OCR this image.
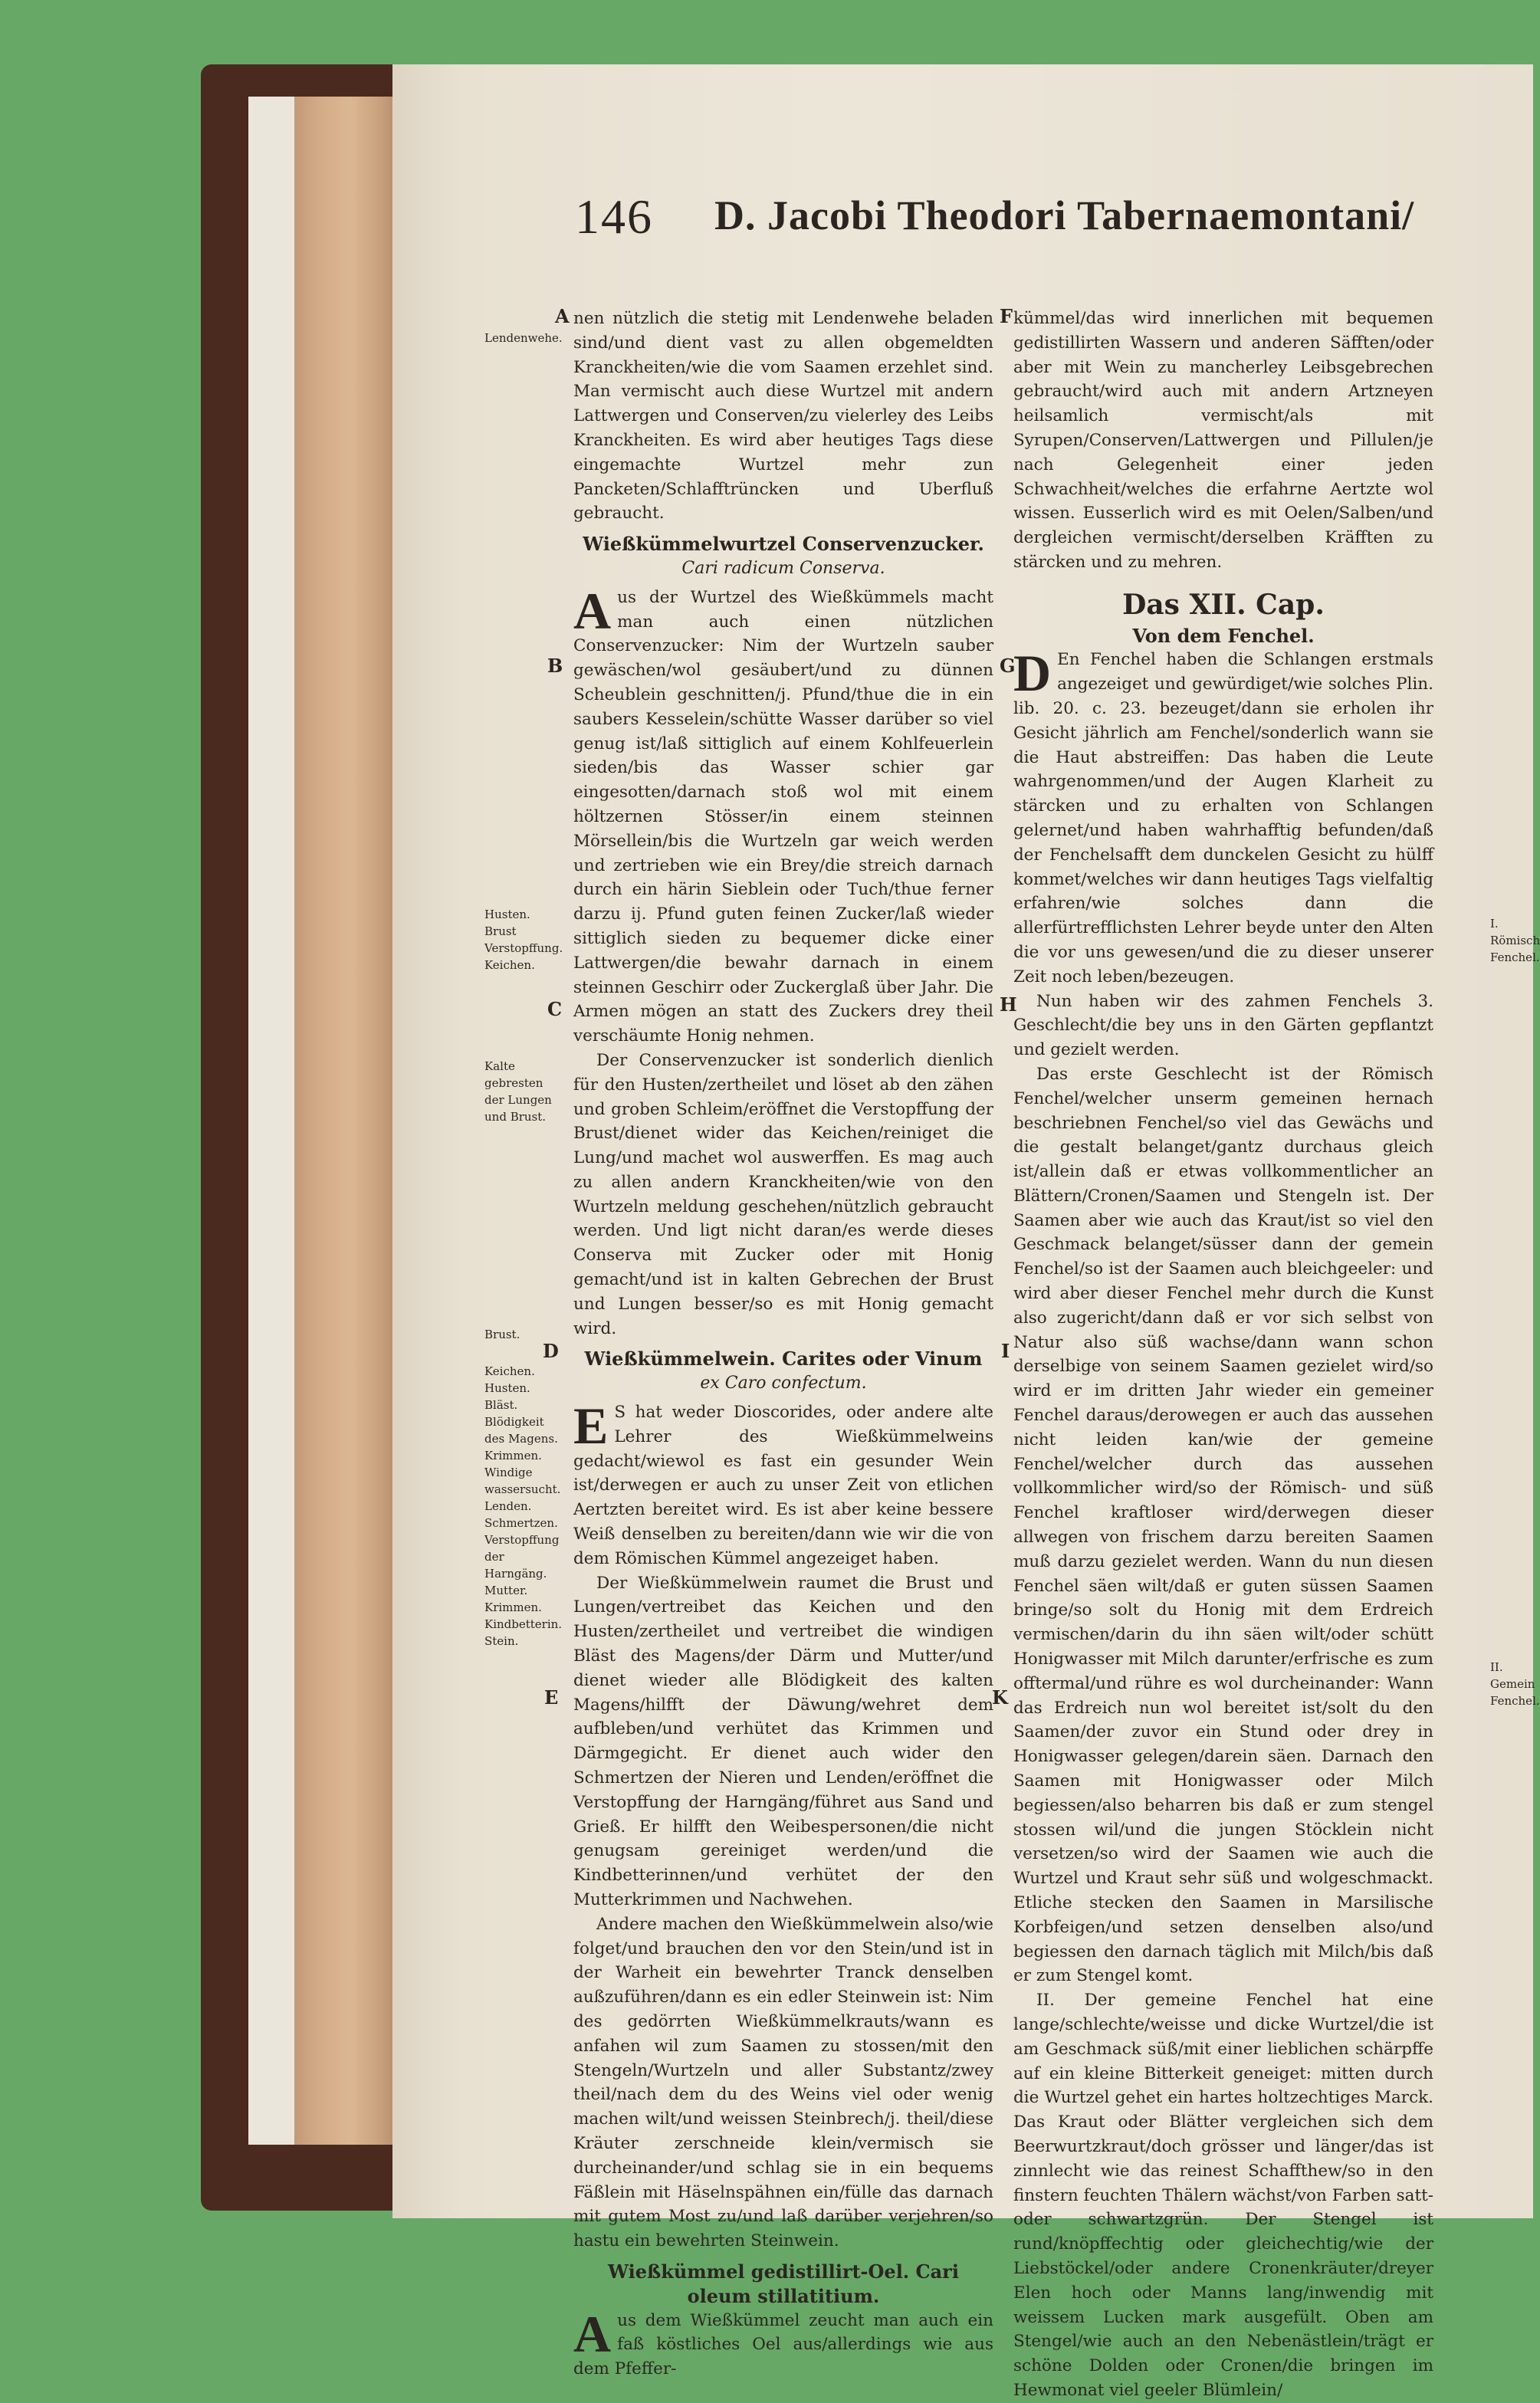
146 D. Jacobi Theodori Tabernaemontani/
A
B
C
D
E
F
G
H
I
K
Lendenwehe.
Husten. Brust Verstopffung. Keichen.
Kalte gebresten der Lungen und Brust.
Brust.
Keichen. Husten. Bläst. Blödigkeit des Magens. Krimmen. Windige wassersucht. Lenden. Schmertzen. Verstopffung der Harngäng. Mutter. Krimmen. Kindbetterin. Stein.
I. Römisch Fenchel.
II. Gemein Fenchel.

nen nützlich die stetig mit Lendenwehe beladen sind/und dient vast zu allen obgemeldten Kranckheiten/wie die vom Saamen erzehlet sind. Man vermischt auch diese Wurtzel mit andern Lattwergen und Conserven/zu vielerley des Leibs Kranckheiten. Es wird aber heutiges Tags diese eingemachte Wurtzel mehr zun Pancketen/Schlafftrüncken und Uberfluß gebraucht.

Wießkümmelwurtzel Conservenzucker.
Cari radicum Conserva.

Aus der Wurtzel des Wießkümmels macht man auch einen nützlichen Conservenzucker: Nim der Wurtzeln sauber gewäschen/wol gesäubert/und zu dünnen Scheublein geschnitten/j. Pfund/thue die in ein saubers Kesselein/schütte Wasser darüber so viel genug ist/laß sittiglich auf einem Kohlfeuerlein sieden/bis das Wasser schier gar eingesotten/darnach stoß wol mit einem höltzernen Stösser/in einem steinnen Mörsellein/bis die Wurtzeln gar weich werden und zertrieben wie ein Brey/die streich darnach durch ein härin Sieblein oder Tuch/thue ferner darzu ij. Pfund guten feinen Zucker/laß wieder sittiglich sieden zu bequemer dicke einer Lattwergen/die bewahr darnach in einem steinnen Geschirr oder Zuckerglaß über Jahr. Die Armen mögen an statt des Zuckers drey theil verschäumte Honig nehmen.

Der Conservenzucker ist sonderlich dienlich für den Husten/zertheilet und löset ab den zähen und groben Schleim/eröffnet die Verstopffung der Brust/dienet wider das Keichen/reiniget die Lung/und machet wol auswerffen. Es mag auch zu allen andern Kranckheiten/wie von den Wurtzeln meldung geschehen/nützlich gebraucht werden. Und ligt nicht daran/es werde dieses Conserva mit Zucker oder mit Honig gemacht/und ist in kalten Gebrechen der Brust und Lungen besser/so es mit Honig gemacht wird.

Wießkümmelwein. Carites oder Vinum
ex Caro confectum.

E S hat weder Dioscorides, oder andere alte Lehrer des Wießkümmelweins gedacht/wiewol es fast ein gesunder Wein ist/derwegen er auch zu unser Zeit von etlichen Aertzten bereitet wird. Es ist aber keine bessere Weiß denselben zu bereiten/dann wie wir die von dem Römischen Kümmel angezeiget haben.

Der Wießkümmelwein raumet die Brust und Lungen/vertreibet das Keichen und den Husten/zertheilet und vertreibet die windigen Bläst des Magens/der Därm und Mutter/und dienet wieder alle Blödigkeit des kalten Magens/hilfft der Däwung/wehret dem aufbleben/und verhütet das Krimmen und Därmgegicht. Er dienet auch wider den Schmertzen der Nieren und Lenden/eröffnet die Verstopffung der Harngäng/führet aus Sand und Grieß. Er hilfft den Weibespersonen/die nicht genugsam gereiniget werden/und die Kindbetterinnen/und verhütet der den Mutterkrimmen und Nachwehen.

Andere machen den Wießkümmelwein also/wie folget/und brauchen den vor den Stein/und ist in der Warheit ein bewehrter Tranck denselben außzuführen/dann es ein edler Steinwein ist: Nim des gedörrten Wießkümmelkrauts/wann es anfahen wil zum Saamen zu stossen/mit den Stengeln/Wurtzeln und aller Substantz/zwey theil/nach dem du des Weins viel oder wenig machen wilt/und weissen Steinbrech/j. theil/diese Kräuter zerschneide klein/vermisch sie durcheinander/und schlag sie in ein bequems Fäßlein mit Häselnspähnen ein/fülle das darnach mit gutem Most zu/und laß darüber verjehren/so hastu ein bewehrten Steinwein.

Wießkümmel gedistillirt-Oel. Cari oleum stillatitium.

Aus dem Wießkümmel zeucht man auch ein faß köstliches Oel aus/allerdings wie aus dem Pfeffer-

kümmel/das wird innerlichen mit bequemen gedistillirten Wassern und anderen Säfften/oder aber mit Wein zu mancherley Leibsgebrechen gebraucht/wird auch mit andern Artzneyen heilsamlich vermischt/als mit Syrupen/Conserven/Lattwergen und Pillulen/je nach Gelegenheit einer jeden Schwachheit/welches die erfahrne Aertzte wol wissen. Eusserlich wird es mit Oelen/Salben/und dergleichen vermischt/derselben Kräfften zu stärcken und zu mehren.

Das XII. Cap.
Von dem Fenchel.

D En Fenchel haben die Schlangen erstmals angezeiget und gewürdiget/wie solches Plin. lib. 20. c. 23. bezeuget/dann sie erholen ihr Gesicht jährlich am Fenchel/sonderlich wann sie die Haut abstreiffen: Das haben die Leute wahrgenommen/und der Augen Klarheit zu stärcken und zu erhalten von Schlangen gelernet/und haben wahrhafftig befunden/daß der Fenchelsafft dem dunckelen Gesicht zu hülff kommet/welches wir dann heutiges Tags vielfaltig erfahren/wie solches dann die allerfürtrefflichsten Lehrer beyde unter den Alten die vor uns gewesen/und die zu dieser unserer Zeit noch leben/bezeugen.

Nun haben wir des zahmen Fenchels 3. Geschlecht/die bey uns in den Gärten gepflantzt und gezielt werden.

Das erste Geschlecht ist der Römisch Fenchel/welcher unserm gemeinen hernach beschriebnen Fenchel/so viel das Gewächs und die gestalt belanget/gantz durchaus gleich ist/allein daß er etwas vollkommentlicher an Blättern/Cronen/Saamen und Stengeln ist. Der Saamen aber wie auch das Kraut/ist so viel den Geschmack belanget/süsser dann der gemein Fenchel/so ist der Saamen auch bleichgeeler: und wird aber dieser Fenchel mehr durch die Kunst also zugericht/dann daß er vor sich selbst von Natur also süß wachse/dann wann schon derselbige von seinem Saamen gezielet wird/so wird er im dritten Jahr wieder ein gemeiner Fenchel daraus/derowegen er auch das aussehen nicht leiden kan/wie der gemeine Fenchel/welcher durch das aussehen vollkommlicher wird/so der Römisch- und süß Fenchel kraftloser wird/derwegen dieser allwegen von frischem darzu bereiten Saamen muß darzu gezielet werden. Wann du nun diesen Fenchel säen wilt/daß er guten süssen Saamen bringe/so solt du Honig mit dem Erdreich vermischen/darin du ihn säen wilt/oder schütt Honigwasser mit Milch darunter/erfrische es zum offtermal/und rühre es wol durcheinander: Wann das Erdreich nun wol bereitet ist/solt du den Saamen/der zuvor ein Stund oder drey in Honigwasser gelegen/darein säen. Darnach den Saamen mit Honigwasser oder Milch begiessen/also beharren bis daß er zum stengel stossen wil/und die jungen Stöcklein nicht versetzen/so wird der Saamen wie auch die Wurtzel und Kraut sehr süß und wolgeschmackt. Etliche stecken den Saamen in Marsilische Korbfeigen/und setzen denselben also/und begiessen den darnach täglich mit Milch/bis daß er zum Stengel komt.

II. Der gemeine Fenchel hat eine lange/schlechte/weisse und dicke Wurtzel/die ist am Geschmack süß/mit einer lieblichen schärpffe auf ein kleine Bitterkeit geneiget: mitten durch die Wurtzel gehet ein hartes holtzechtiges Marck. Das Kraut oder Blätter vergleichen sich dem Beerwurtzkraut/doch grösser und länger/das ist zinnlecht wie das reinest Schaffthew/so in den finstern feuchten Thälern wächst/von Farben satt-oder schwartzgrün. Der Stengel ist rund/knöpffechtig oder gleichechtig/wie der Liebstöckel/oder andere Cronenkräuter/dreyer Elen hoch oder Manns lang/inwendig mit weissem Lucken mark ausgefült. Oben am Stengel/wie auch an den Nebenästlein/trägt er schöne Dolden oder Cronen/die bringen im Hewmonat viel geeler Blümlein/
